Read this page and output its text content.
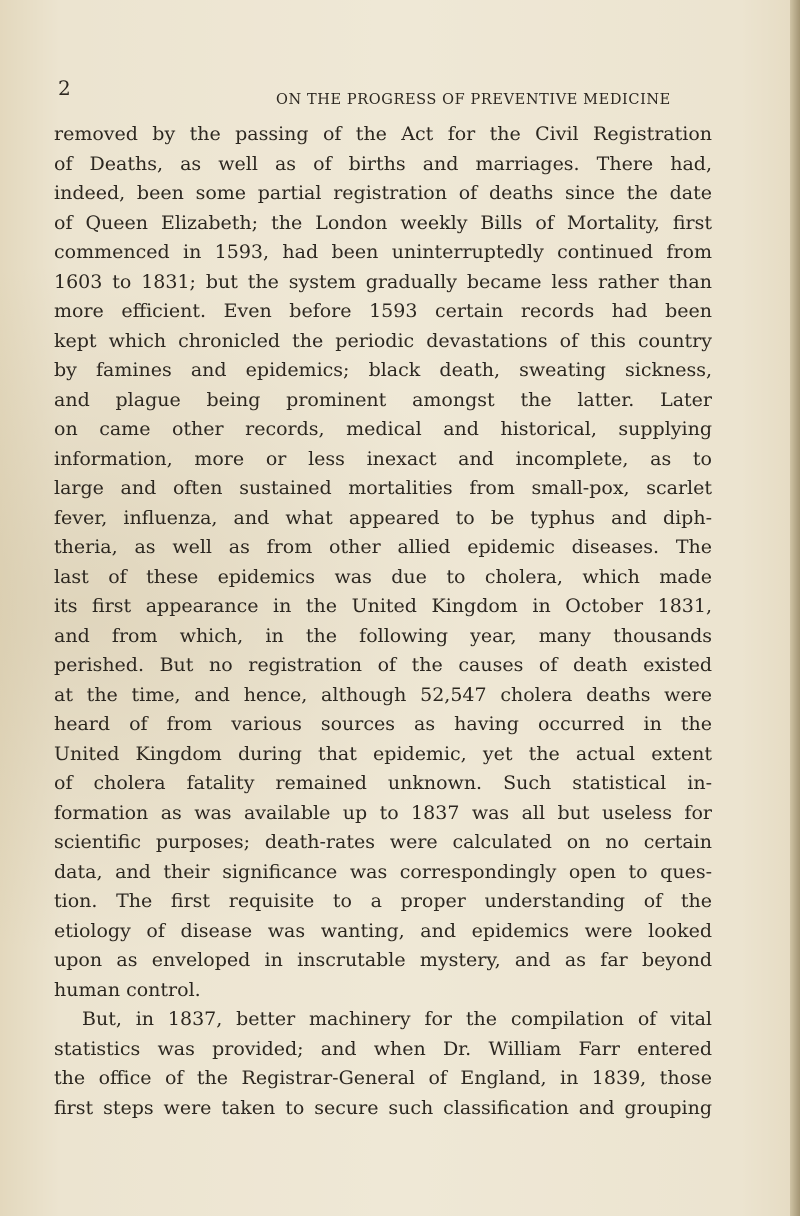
2	ON THE PROGRESS OF PREVENTIVE MEDICINE
removed by the passing of the Act for the Civil Registration
of Deaths, as well as of births and marriages. There had,
indeed, been some partial registration of deaths since the date
of Queen Elizabeth; the London weekly Bills of Mortality, first
commenced in 1593, had been uninterruptedly continued from
1603 to 1831; but the system gradually became less rather than
more efficient. Even before 1593 certain records had been
kept which chronicled the periodic devastations of this country
by famines and epidemics; black death, sweating sickness,
and plague being prominent amongst the latter. Later
on came other records, medical and historical, supplying
information, more or less inexact and incomplete, as to
large and often sustained mortalities from small-pox, scarlet
fever, influenza, and what appeared to be typhus and diph-
theria, as well as from other allied epidemic diseases. The
last of these epidemics was due to cholera, which made
its first appearance in the United Kingdom in October 1831,
and from which, in the following year, many thousands
perished. But no registration of the causes of death existed
at the time, and hence, although 52,547 cholera deaths were
heard of from various sources as having occurred in the
United Kingdom during that epidemic, yet the actual extent
of cholera fatality remained unknown. Such statistical in-
formation as was available up to 1837 was all but useless for
scientific purposes; death-rates were calculated on no certain
data, and their significance was correspondingly open to ques-
tion. The first requisite to a proper understanding of the
etiology of disease was wanting, and epidemics were looked
upon as enveloped in inscrutable mystery, and as far beyond
human control.
But, in 1837, better machinery for the compilation of vital
statistics was provided; and when Dr. William Farr entered
the office of the Registrar-General of England, in 1839, those
first steps were taken to secure such classification and grouping
